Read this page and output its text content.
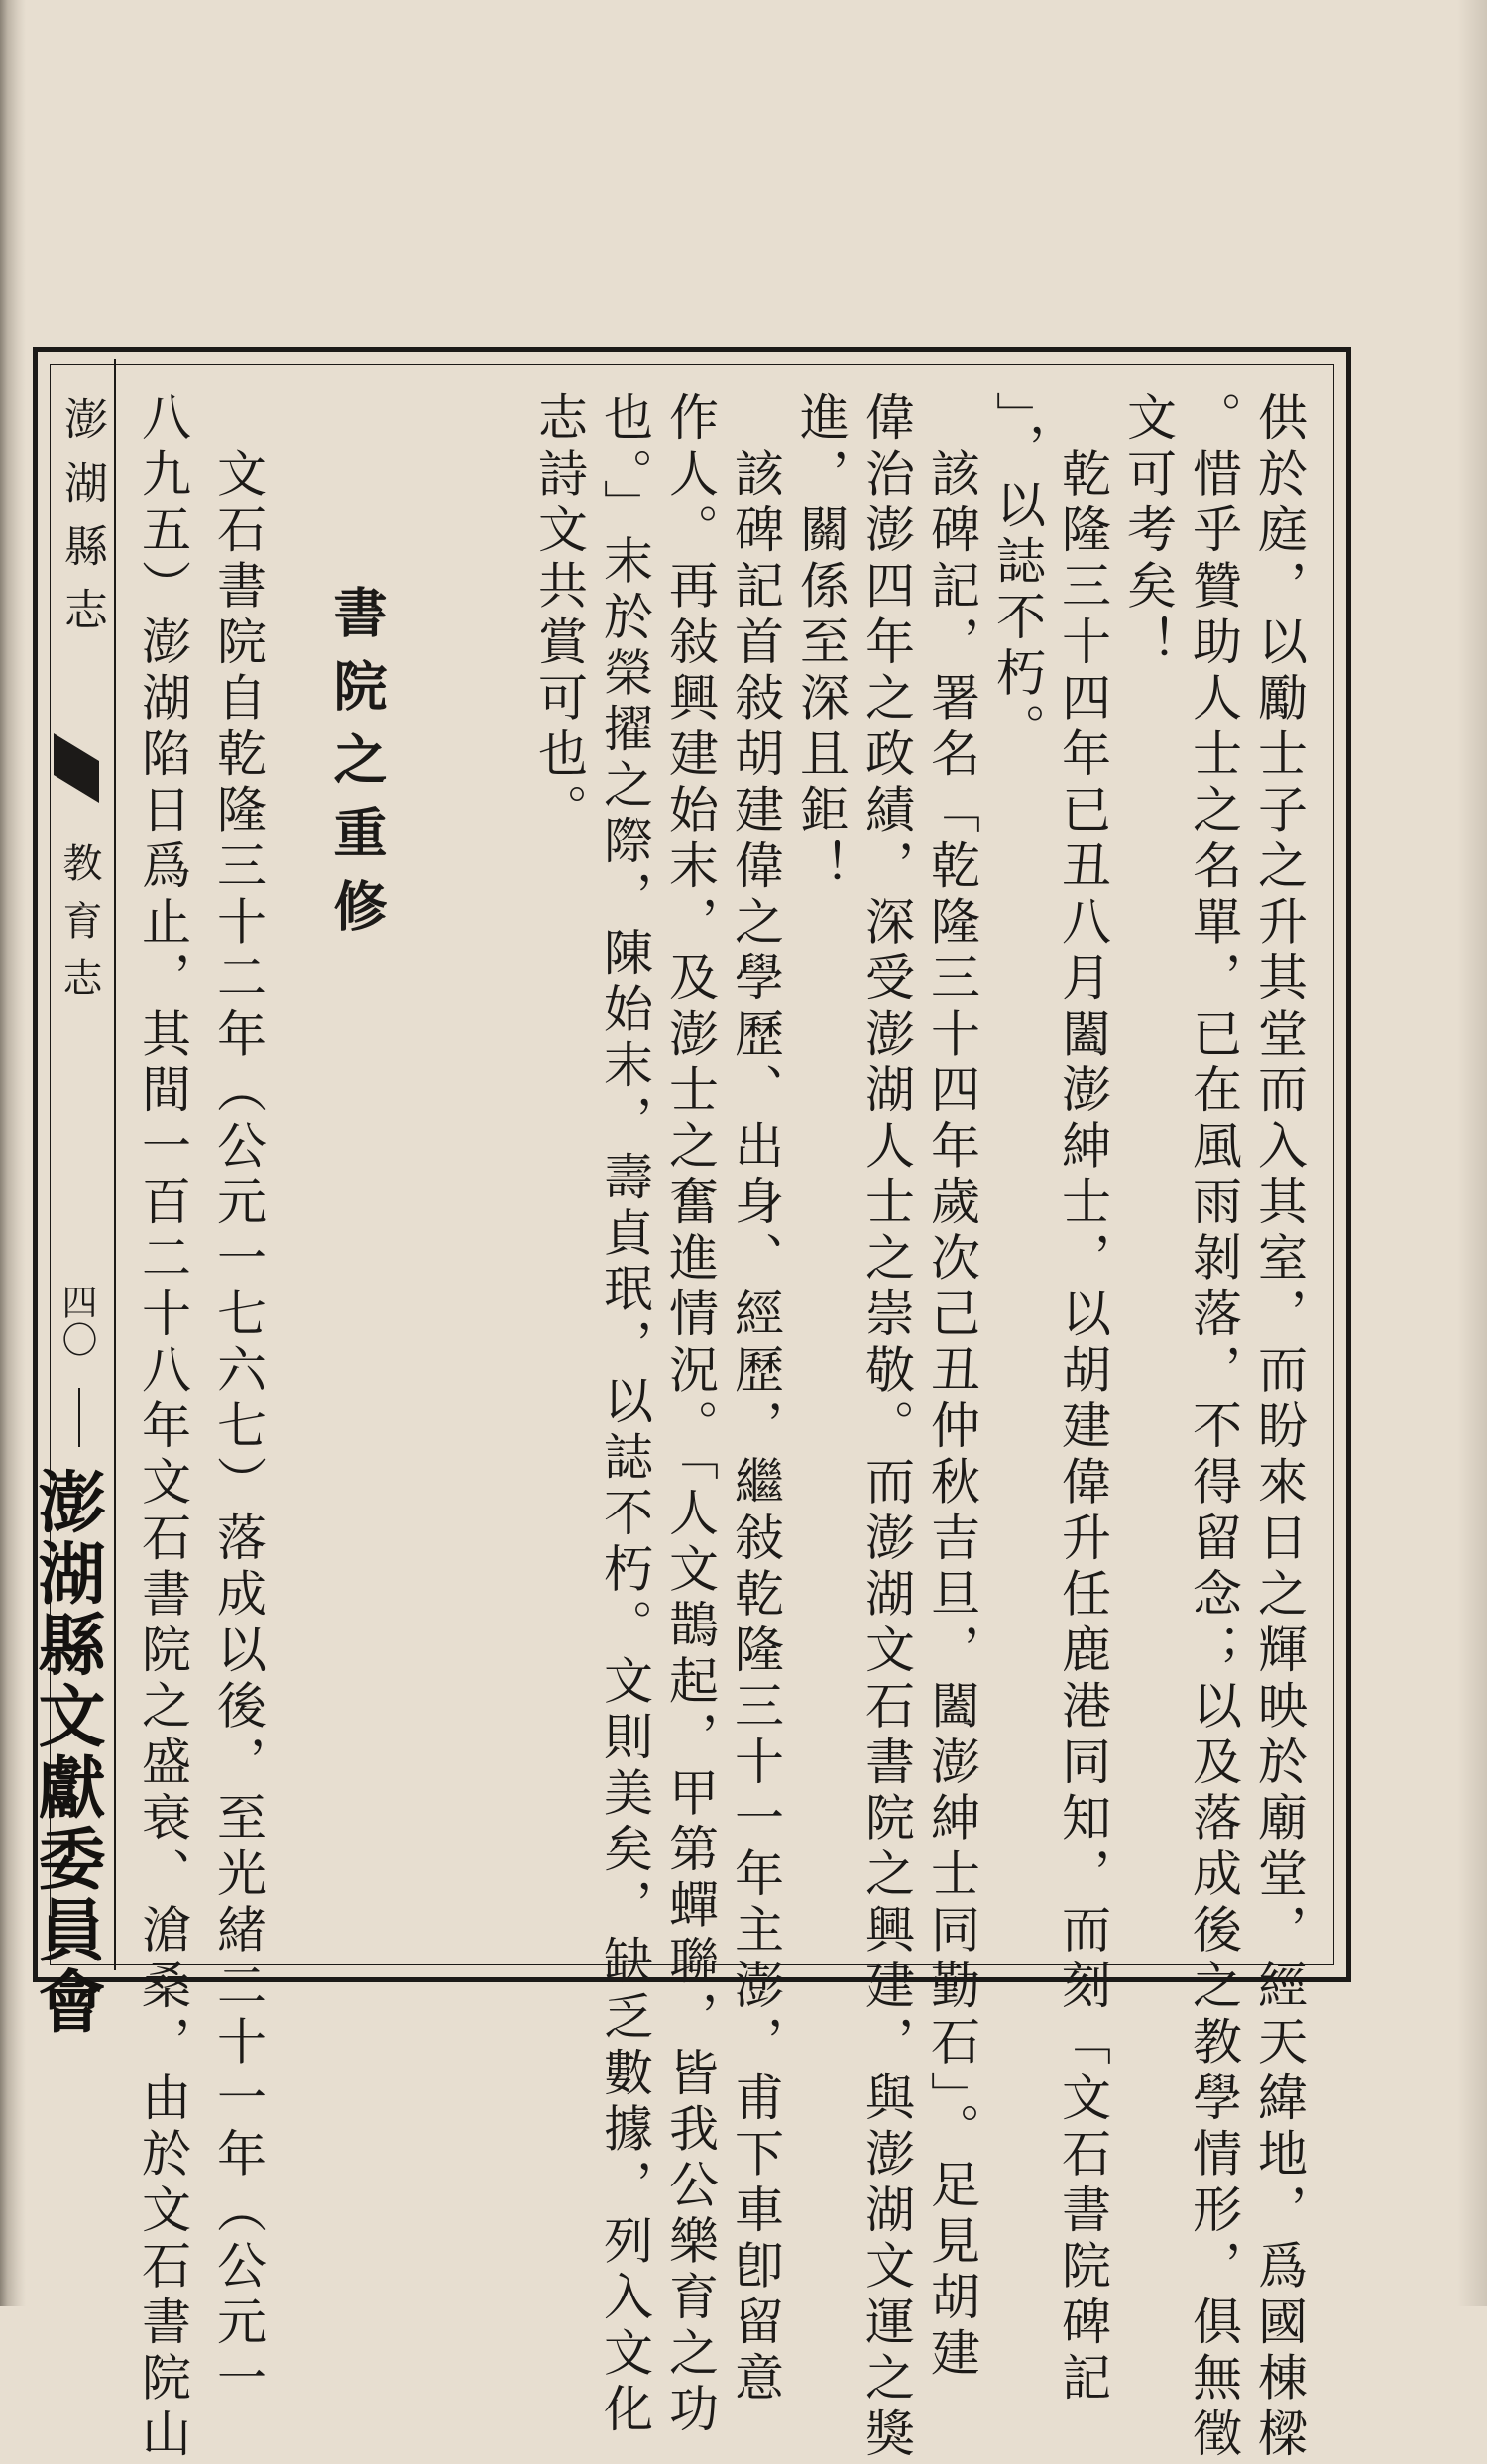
澎湖縣志
教育志
四〇
澎湖縣文獻委員會	供於庭，以勵士子之升其堂而入其室，而盼來日之輝映於廟堂，經天緯地，爲國棟樑
。惜乎贊助人士之名單，已在風雨剝落，不得留念；以及落成後之教學情形，俱無徵
文可考矣！
　乾隆三十四年已丑八月闔澎紳士，以胡建偉升任鹿港同知，而刻「文石書院碑記
」，以誌不朽。
　該碑記，署名「乾隆三十四年歲次己丑仲秋吉旦，闔澎紳士同勤石」。足見胡建
偉治澎四年之政績，深受澎湖人士之崇敬。而澎湖文石書院之興建，與澎湖文運之獎
進，關係至深且鉅！
　該碑記首敍胡建偉之學歷、出身、經歷，繼敍乾隆三十一年主澎，甫下車卽留意
作人。再敍興建始末，及澎士之奮進情況。「人文鵲起，甲第蟬聯，皆我公樂育之功
也。」末於榮擢之際，陳始末，壽貞珉，以誌不朽。文則美矣，缺乏數據，列入文化
志詩文共賞可也。
書院之重修
　文石書院自乾隆三十二年（公元一七六七）落成以後，至光緒二十一年（公元一
八九五）澎湖陷日爲止，其間一百二十八年文石書院之盛衰、滄桑，由於文石書院山
